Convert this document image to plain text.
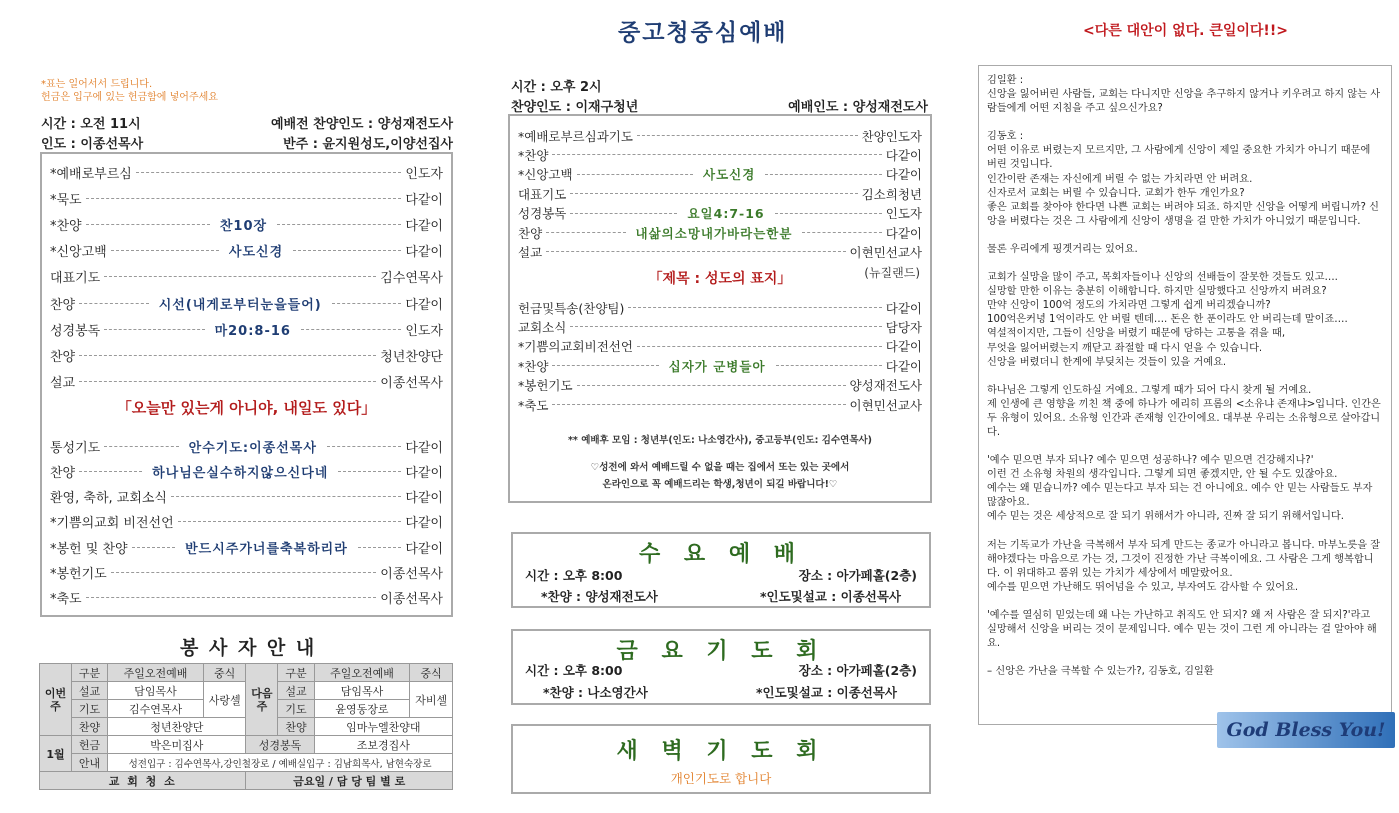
중고청중심예배	<다른 대안이 없다. 큰일이다!!>
*표는 일어서서 드립니다.
헌금은 입구에 있는 헌금함에 넣어주세요
시간 : 오전 11시	예배전 찬양인도 : 양성재전도사
인도 : 이종선목사	반주 : 윤지원성도,이양선집사
*예배로부르심	인도자
*묵도	다같이
*찬양	찬10장	다같이
*신앙고백	사도신경	다같이
대표기도	김수연목사
찬양	시선(내게로부터눈을들어)	다같이
성경봉독	마20:8-16	인도자
찬양	청년찬양단
설교	이종선목사
「오늘만 있는게 아니야, 내일도 있다」
통성기도	안수기도:이종선목사	다같이
찬양	하나님은실수하지않으신다네	다같이
환영, 축하, 교회소식	다같이
*기쁨의교회 비전선언	다같이
*봉헌 및 찬양	반드시주가너를축복하리라	다같이
*봉헌기도	이종선목사
*축도	이종선목사
봉 사 자 안 내
이번주	구분	주일오전예배	중식	다음주	구분	주일오전예배	중식
	설교	담임목사	사랑셀		설교	담임목사	자비셀
	기도	김수연목사			기도	윤영동장로	
	찬양	청년찬양단			찬양	임마누엘찬양대	
1월	헌금	박은미집사		성경봉독		조보경집사	
	안내	성전입구 : 김수연목사,강인철장로 / 예배실입구 : 김남희목사, 남현숙장로					
교 회 청 소				금요일 / 담 당 팀 별 로			
시간 : 오후 2시
찬양인도 : 이재구청년	예배인도 : 양성재전도사
*예배로부르심과기도	찬양인도자
*찬양	다같이
*신앙고백	사도신경	다같이
대표기도	김소희청년
성경봉독	요일4:7-16	인도자
찬양	내삶의소망내가바라는한분	다같이
설교	이현민선교사
(뉴질랜드)
「제목 : 성도의 표지」
헌금및특송(찬양팀)	다같이
교회소식	담당자
*기쁨의교회비전선언	다같이
*찬양	십자가 군병들아	다같이
*봉헌기도	양성재전도사
*축도	이현민선교사
** 예배후 모임 : 청년부(인도: 나소영간사), 중고등부(인도: 김수연목사)
♡성전에 와서 예배드릴 수 없을 때는 집에서 또는 있는 곳에서
온라인으로 꼭 예배드리는 학생,청년이 되길 바랍니다!♡
수 요 예 배
시간 : 오후 8:00	장소 : 아가페홀(2층)
*찬양 : 양성재전도사	*인도및설교 : 이종선목사
금 요 기 도 회
시간 : 오후 8:00	장소 : 아가페홀(2층)
*찬양 : 나소영간사	*인도및설교 : 이종선목사
새 벽 기 도 회
개인기도로 합니다

김일환 :
신앙을 잃어버린 사람들, 교회는 다니지만 신앙을 추구하지 않거나 키우려고 하지 않는 사람들에게 어떤 지침을 주고 싶으신가요?

김동호 :
어떤 이유로 버렸는지 모르지만, 그 사람에게 신앙이 제일 중요한 가치가 아니기 때문에 버린 것입니다.
인간이란 존재는 자신에게 버릴 수 없는 가치라면 안 버려요.
신자로서 교회는 버릴 수 있습니다. 교회가 한두 개인가요?
좋은 교회를 찾아야 한다면 나쁜 교회는 버려야 되죠. 하지만 신앙을 어떻게 버립니까? 신앙을 버렸다는 것은 그 사람에게 신앙이 생명을 걸 만한 가치가 아니었기 때문입니다.

물론 우리에게 핑곗거리는 있어요.

교회가 실망을 많이 주고, 목회자들이나 신앙의 선배들이 잘못한 것들도 있고….
실망할 만한 이유는 충분히 이해합니다. 하지만 실망했다고 신앙까지 버려요?
만약 신앙이 100억 정도의 가치라면 그렇게 쉽게 버리겠습니까?
100억은커녕 1억이라도 안 버릴 텐데…. 돈은 한 푼이라도 안 버리는데 말이죠….
역설적이지만, 그들이 신앙을 버렸기 때문에 당하는 고통을 겪을 때,
무엇을 잃어버렸는지 깨닫고 좌절할 때 다시 얻을 수 있습니다.
신앙을 버렸더니 한계에 부딪치는 것들이 있을 거예요.

하나님은 그렇게 인도하실 거예요. 그렇게 때가 되어 다시 찾게 될 거예요.
제 인생에 큰 영향을 끼친 책 중에 하나가 에리히 프롬의 <소유냐 존재냐>입니다. 인간은 두 유형이 있어요. 소유형 인간과 존재형 인간이에요. 대부분 우리는 소유형으로 살아갑니다.

'예수 믿으면 부자 되나? 예수 믿으면 성공하나? 예수 믿으면 건강해지나?'
이런 건 소유형 차원의 생각입니다. 그렇게 되면 좋겠지만, 안 될 수도 있잖아요.
예수는 왜 믿습니까? 예수 믿는다고 부자 되는 건 아니에요. 예수 안 믿는 사람들도 부자 많잖아요.
예수 믿는 것은 세상적으로 잘 되기 위해서가 아니라, 진짜 잘 되기 위해서입니다.

저는 기독교가 가난을 극복해서 부자 되게 만드는 종교가 아니라고 봅니다. 마부노릇을 잘해야겠다는 마음으로 가는 것, 그것이 진정한 가난 극복이에요. 그 사람은 그게 행복합니다. 이 위대하고 품위 있는 가치가 세상에서 메말랐어요.
예수를 믿으면 가난해도 뛰어넘을 수 있고, 부자여도 감사할 수 있어요.

'예수를 열심히 믿었는데 왜 나는 가난하고 취직도 안 되지? 왜 저 사람은 잘 되지?'라고 실망해서 신앙을 버리는 것이 문제입니다. 예수 믿는 것이 그런 게 아니라는 걸 알아야 해요.

– 신앙은 가난을 극복할 수 있는가?, 김동호, 김일환

God Bless You!
